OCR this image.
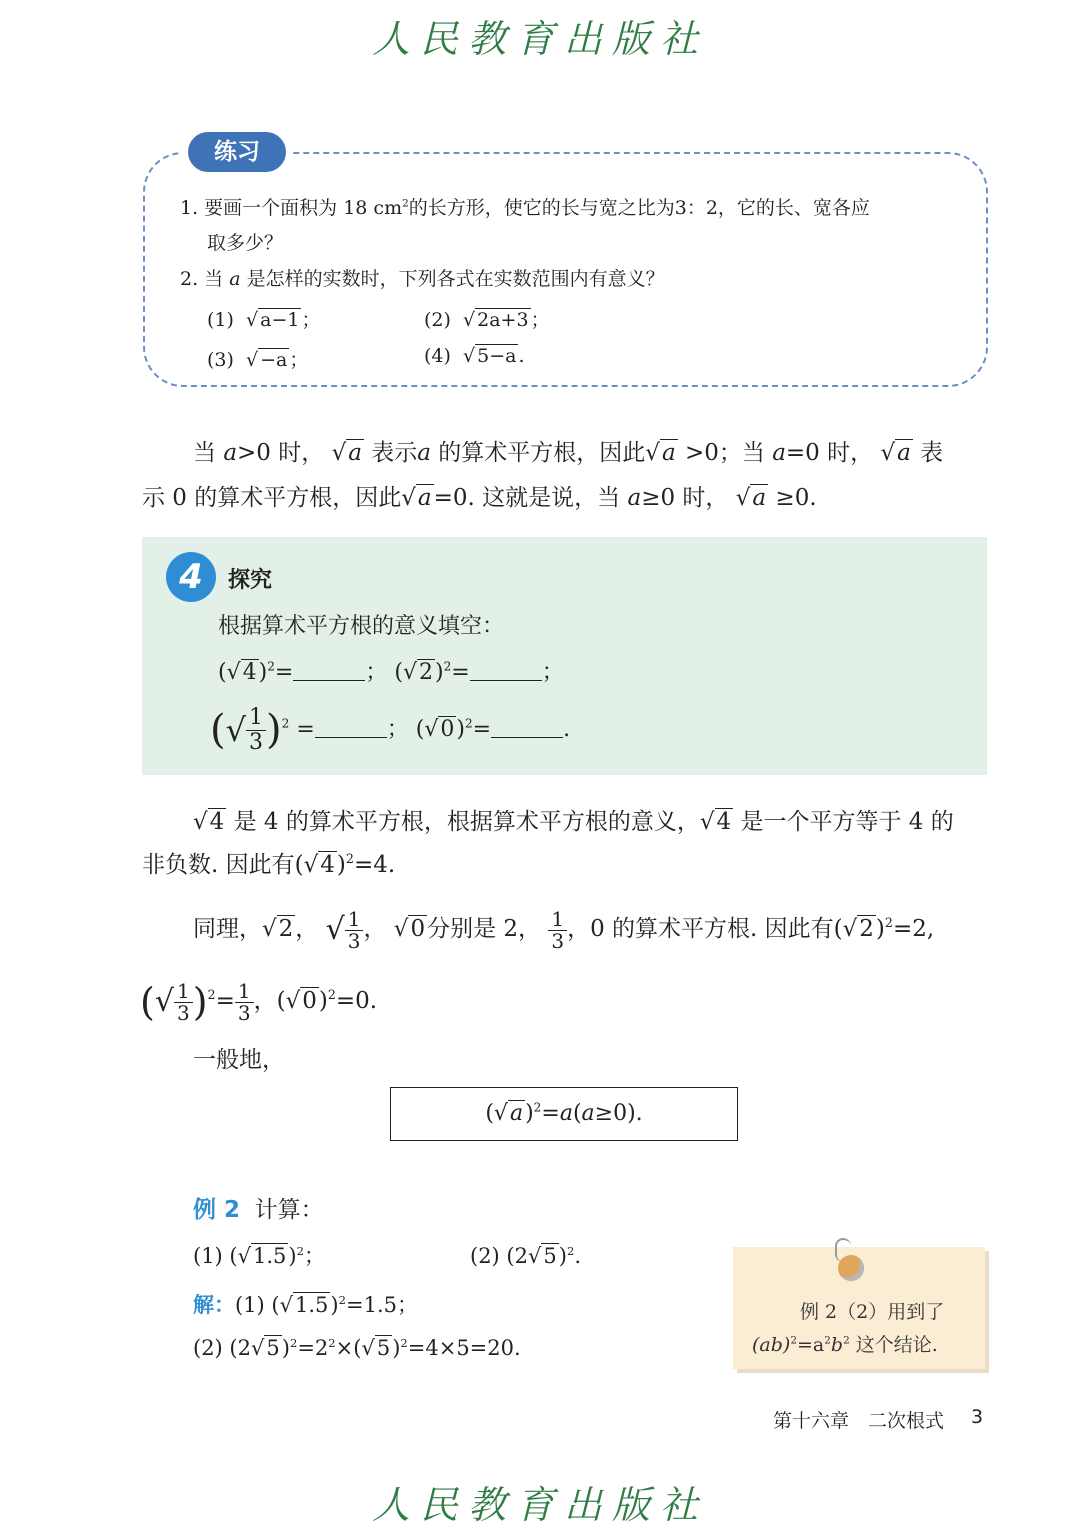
人民教育出版社
练习
1. 要画一个面积为 18 $cm^2$的长方形，使它的长与宽之比为3：2，它的长、宽各应
取多少？
2. 当 a 是怎样的实数时，下列各式在实数范围内有意义？
(1) √ a−1 ；	(2) √ 2a+3 ；
(3) √ −a ；	(4) √ 5−a .
当 a>0 时， √a 表示a 的算术平方根，因此√a >0；当 a=0 时， √a 表
示 0 的算术平方根，因此√a=0. 这就是说，当 a≥0 时， √a ≥0.
4	探究
根据算术平方根的意义填空：
$(√4)^2=$	； $(√2)^2=$	；
(√ $\frac{1}{3} )^2$ =	； $(√0)^2=$	.
√4 是 4 的算术平方根，根据算术平方根的意义，√4 是一个平方等于 4 的
非负数. 因此有$(√4)^2=4$.
同理，√2， √ $\frac{1}{3}$ ， √0分别是 2， $\frac{1}{3}$ ，0 的算术平方根. 因此有$(√2)^2=2$,
(√ $\frac{1}{3} )^2= \frac{1}{3}$ ，$(√0)^2=0$.
一般地，
$(√a)^2=a(a\ge 0)$.
例 2 计算：
(1) $(√1.5)^2$；	(2) $(2√5)^2$.
解：(1) $(√1.5)^2=1.5$；
(2) $(2√5)^2=2^2\times(√5)^2=4\times 5=20$.
例 2（2）用到了
$(ab)^2=a^2b^2$ 这个结论.
第十六章　二次根式 3
人民教育出版社
